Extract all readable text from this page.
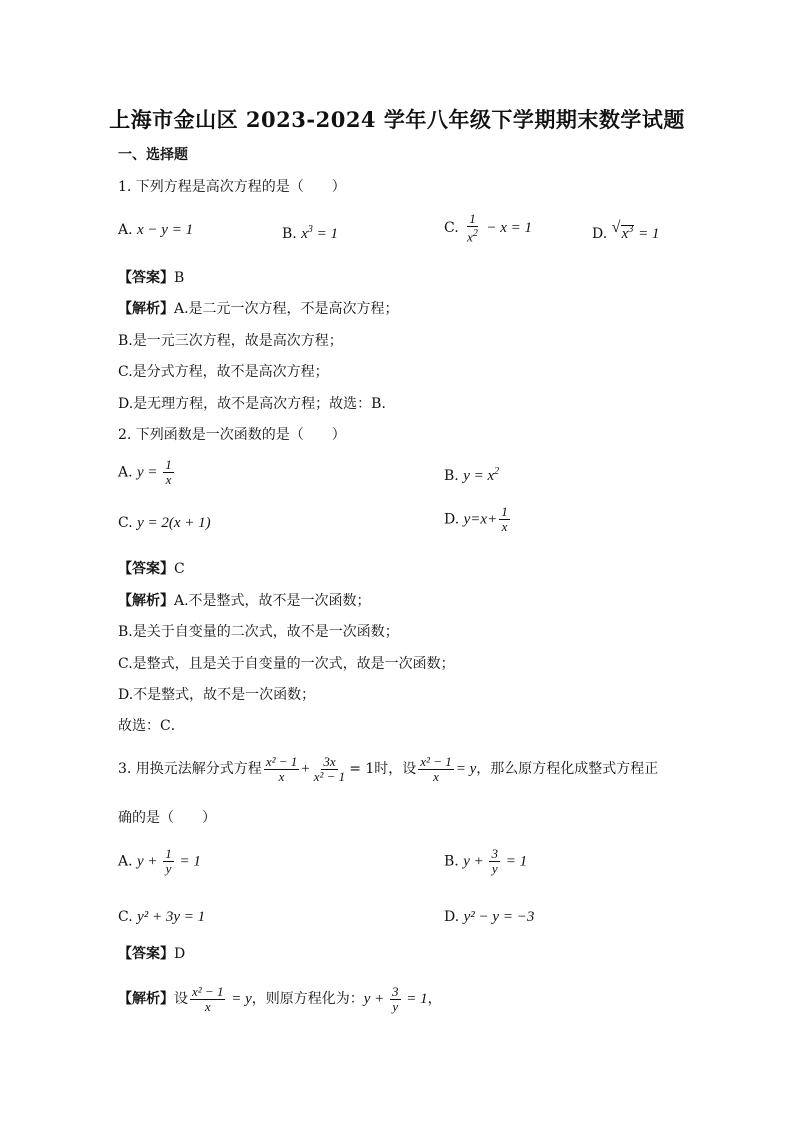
上海市金山区 2023-2024 学年八年级下学期期末数学试题
一、选择题
1. 下列方程是高次方程的是（　　）
A. x − y = 1	B. $x^3 = 1$	C. $\frac{1}{x^2} - x = 1$	D. √ $x^3 = 1$
【答案】B
【解析】A.是二元一次方程，不是高次方程；
B.是一元三次方程，故是高次方程；
C.是分式方程，故不是高次方程；
D.是无理方程，故不是高次方程；故选：B．
2. 下列函数是一次函数的是（　　）
A. $y = \frac{1}{x}$	B. $y = x^2$
C. y = 2(x + 1)	D. $y=x+ \frac{1}{x}$
【答案】C
【解析】A.不是整式，故不是一次函数；
B.是关于自变量的二次式，故不是一次函数；
C.是整式，且是关于自变量的一次式，故是一次函数；
D.不是整式，故不是一次函数；
故选：C．
3. 用换元法解分式方程 $\frac{\text{x² − 1}}{x} + \frac{3x}{\text{x² − 1}} = 1$时，设 $\frac{\text{x² − 1}}{x} = y$，那么原方程化成整式方程正
确的是（　　）
A. $y + \frac{1}{y} = 1$	B. $y + \frac{3}{y} = 1$
C. y² + 3y = 1	D. y² − y = −3
【答案】D
【解析】设 $\frac{\text{x² − 1}}{x} = y$，则原方程化为：$y + \frac{3}{y} = 1$，
